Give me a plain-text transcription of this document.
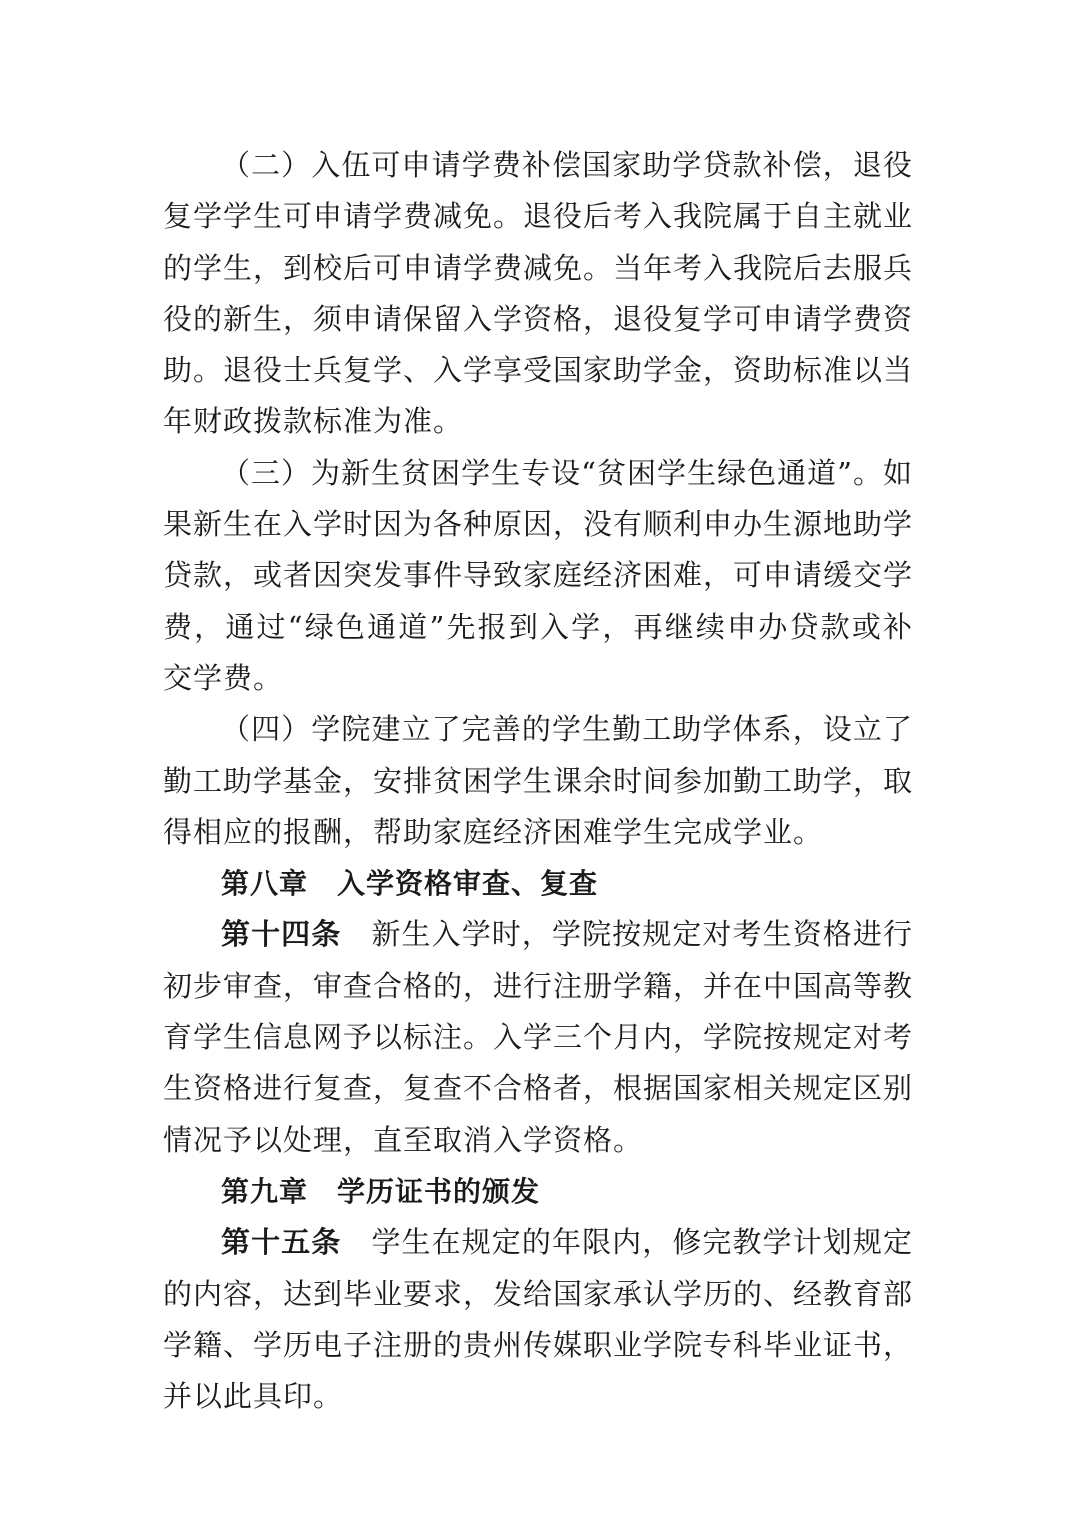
（二）入伍可申请学费补偿国家助学贷款补偿，退役复学学生可申请学费减免。退役后考入我院属于自主就业的学生，到校后可申请学费减免。当年考入我院后去服兵役的新生，须申请保留入学资格，退役复学可申请学费资助。退役士兵复学、入学享受国家助学金，资助标准以当年财政拨款标准为准。

（三）为新生贫困学生专设“贫困学生绿色通道”。如果新生在入学时因为各种原因，没有顺利申办生源地助学贷款，或者因突发事件导致家庭经济困难，可申请缓交学费，通过“绿色通道”先报到入学，再继续申办贷款或补交学费。

（四）学院建立了完善的学生勤工助学体系，设立了勤工助学基金，安排贫困学生课余时间参加勤工助学，取得相应的报酬，帮助家庭经济困难学生完成学业。

第八章　入学资格审查、复查

第十四条　新生入学时，学院按规定对考生资格进行初步审查，审查合格的，进行注册学籍，并在中国高等教育学生信息网予以标注。入学三个月内，学院按规定对考生资格进行复查，复查不合格者，根据国家相关规定区别情况予以处理，直至取消入学资格。

第九章　学历证书的颁发

第十五条　学生在规定的年限内，修完教学计划规定的内容，达到毕业要求，发给国家承认学历的、经教育部学籍、学历电子注册的贵州传媒职业学院专科毕业证书，并以此具印。
